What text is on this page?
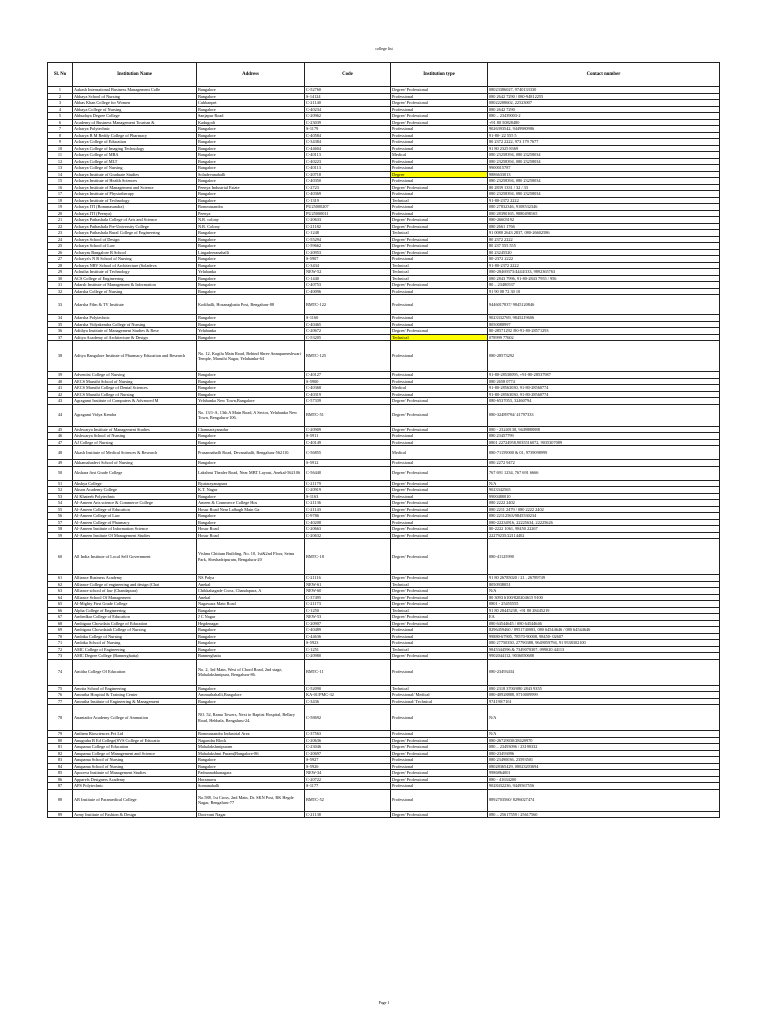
college list
Sl. No	Institution Name	Address	Code	Institution type	Contact number
1	Aakash International Business Management Colle	Bangalore	C-52760	Degree/ Professional	08023386027, 9740133330
2	Abhaya School of Nursing	Bangalore	S-14124	Professional	080 2642 7290 / 080-94812255
3	Abbas Khan College for Women	Cubbanpet	C-21140	Degree/ Professional	08022208602, 22523007
4	Abhaya College of Nursing	Bangalore	C-40234	Professional	080 2642 7290
5	Abhudaya Degree College	Sanjapur Road	C-20962	Degree/ Professional	080 – 23439003-2
6	Academy of Business Management Tourism &	Kadugodi	C-23039	Degree/ Professional	+91 80 50828480
7	Acharya Polytechnic	Bangalore	S-1179	Professional	9026393542, 9449980986
8	Acharya B M Reddy College of Pharmacy	Bangalore	C-40584	Professional	91-80- 22 555 5
9	Acharya College of Education	Bangalore	C-34384	Professional	80 2372 2222, 973 179 7677
10	Acharya College of Imaging Technology	Bangalore	C-44604	Professional	91 80 2325 8369
11	Acharya College of MBA	Bangalore	C-40113	Medical	080 23258394, 080 23258034
12	Acharya College of MLT	Bangalore	C-40223	Professional	080 23258394, 080 23258034
13	Acharya College of Nursing	Bangalore	C-40113	Professional	9900015787
14	Acharya Institute of Graduate Studies	Soladevanahalli	C-20718	Degree	9886633013
15	Acharya Institute of Health Sciences	Bangalore	C-40350	Professional	080 23258394, 080 23258034
16	Acharya Institute of Management and Science	Peenya Industrial Estate	C-2723	Degree/ Professional	80 2839 1331 / 32 / 33
17	Acharya Institute of Physiotherapy	Bangalore	C-40369	Professional	080 23258394, 080 23258034
18	Acharya Institute of Technology	Bangalore	C-1319	Technical	91-80-2372 2222
19	Acharya ITI (Bommasandra)	Bommasandra	PU25000207	Professional	080 27832346, 9108532346
20	Acharya ITI (Peenya)	Peenya	PU25000011	Professional	080 28390165, 9880498165
21	Acharya Pathashala College of Arts and Science	N.R. colony	C-20633	Degree/ Professional	080-26603192
22	Acharya Pathashala Pre-University College	N.R. Colony	C-21182	Degree/ Professional	080 2661 1766
23	Acharya Pathashala Rural College of Engineering	Bangalore	C-1248	Technical	91 0080 2643 2837, 080-26602586
24	Acharya School of Design	Bangalore	C-55294	Degree/ Professional	80 2372 2222
25	Acharya School of Law	Bangalore	C-59662	Degree/ Professional	80 237 555 555
26	Acharyas Bangalore B School	Lingadeeranahalli	C-20953	Degree/ Professional	80 23245520
27	Acharya's N R School of Nursing	Bangalore	S-5907	Professional	80-2372 2222
28	Acharya NRV School of Architecture (Soladeva	Bangalore	C-3434	Technical	91-80-2372 2222
29	Achutha Institute of Technology	Yelahanka	NEW-52	Technical	080-28469373/4444/333, 9892365763
30	ACS College of Engineering	Bangalore	C-1440	Technical	080 2843 7996, 91-80-2843 7955 / 956
31	Adarsh Institute of Management & Information	Bangalore	C-40753	Degree/ Professional	80 – 23480537
32	Adarsha College of Nursing	Bangalore	C-40096	Professional	91 90 08 72 30 10
33	Adarsha Film & TV Institute	Kodihalli, Hosanagbatta Post, Bengaluru-88	BMTC-122	Professional	9446017837/ 9845120846
34	Adarsha Polytechnic	Bangalore	S-1160	Professional	9023332769, 9845219606
35	Adarsha Vidyakendra College of Nursing	Bangalore	C-40465	Professional	8050088997
36	Adithya Institute of Management Studies & Rese	Yelahanka	C-20672	Degree/ Professional	80-28571292 /80-91-80-28571293
37	Aditya Academy of Architecture & Design	Bangalore	C-53205	Technical	078999 77602
38	Aditya Bangalore Institute of Pharmacy Education and Research	No. 12, Kogilu Main Road, Behind Shree Annapurneshwari Temple, Maruthi Nagar, Yelahanka-64	BMTC-125	Professional	080-28573292
39	Adventist College of Nursing	Bangalore	C-40127	Professional	91-80-28530095, +91-80-28537987
40	AECS Maruthi School of Nursing	Bangalore	S-5900	Professional	080 2658 0774
41	AECS Maruthi College of Dental Sciences	Bangalore	C-40368	Medical	91-80-28563030, 91-80-28560774
42	AECS Maruthi College of Nursing	Bangalore	C-40319	Professional	91-80-28563030, 91-80-28560774
43	Agragami Institute of Computers & Advanced M	Yelahanka New Town,Bangalore	C-57339	Degree/ Professional	080-6537053, 32460794
44	Agragami Vidya Kendra	No. 13/1-A, 13th A Main Road, A Sector, Yelahanka New Town, Bengaluru-106.	BMTC-51	Degree/ Professional	080-32489794/ 41797333
45	Aishwarya Institute of Management Studies	Channarayanadur	C-20909	Degree/ Professional	080 - 23240138, 9449888888
46	Aishwarya School of Nursing	Bangalore	S-5911	Professional	080 23457799
47	AJ College of Nursing	Bangalore	C-40149	Professional	0801 22724958,9035516072, 9035307089
48	Akash Institute of Medical Sciences & Research	Prasannahalli Road, Devanahalli, Bengaluru-562110.	C-56855	Medical	080-71159000 & 01, 9739098999
49	Akkamahadevi School of Nursing	Bangalore	S-5912	Professional	080 2272 9472
50	Akshara first Grade College	Lakshmi Thealer Road, Near MBT Layout, Anekal-562106	C-56440	Degree/ Professional	767 691 1234, 767 691 6666
51	Akshya College	Byatarayanapura	C-21179	Degree/ Professional	N/A
52	Akson Academy College	K.T. Nagar	C-20919	Degree/ Professional	9023342565
53	Al Khateeb Polytechnic	Bangalore	S-1163	Professional	9900480010
54	Al-Ameen Arts science & Commerce College	Ameen & Commerce College Hos	C-21136	Degree/ Professional	080 2222 2402
55	Al-Ameen College of Education	Hosur Road Near Lalbagh Main Ga	C-21143	Degree/ Professional	080 2211 2479 / 080 2222 2402
56	Al-Ameen College of Law	Bangalore	C-9786	Degree/ Professional	080 22112563/9845530234
57	Al-Ameen College of Pharmacy	Bangalore	C-40208	Professional	080-22234916, 22225634, 22225626
58	Al-Ameen Institute of Information Science	Hosur Road	C-20663	Degree/ Professional	80-2222 1061, 98450 22267
59	Al-Ameen Institute Of Management Studies	Hosur Road	C-20632	Degree/ Professional	22279235/22114402
60	All India Institute of Local Self Government	Vishnu Chittam Building, No. 10, 1st&2nd Floor, Seinu Park, Sheshadripuram, Bengaluru-20	BMTC-18	Degree/ Professional	080-41125990
61	Alliance Business Academy	NS Palya	C-21116	Degree/ Professional	91 80 26785020 / 21 , 26789749
62	Alliance College of engineering and design (Chai	Anekal	NEW-61	Technical	8050938051
63	Alliance school of law (Chandapura)	Chikkahagade Cross, Chandapura, A	NEW-60	Degree/ Professional	N/A
64	Alliance School Of Management	Anekal	C-37495	Degree/ Professional	80 3093 6100/820204615 9100
65	Al-Mighty First Grade College	Nagawara Main Road	C-21173	Degree/ Professional	0801 - 25455555
66	Alpha College of Engineering	Bangalore	C-1250	Technical	91 80 28445238, +91 80 28445219
67	Ambedkar College of Education	J C Nagar	NEW-53	Degree/ Professional	EA
68	Ambigara Chowdaia College of Education	Hegdenagar	C-20907	Degree/ Professional	080 64544645 / 080 64544646
69	Ambigara Chowdaiah College of Nursing	Bangalore	C-40489	Professional	8296459460 / 8951740083, 080 64544646 / 080 64544646
70	Ambika College of Nursing	Bangalore	C-44636	Professional	99880-67905, 78570-90008, 98450- 02607
71	Ambika School of Nursing	Bangalore	S-5923	Professional	080 27750350, 27790388, 9649059794, 91 9538302100
72	AMC College of Engineering	Bangalore	C-1251	Technical	9845344596 & 7349070307, 099020 44113
73	AMC Degree College (Bannerghatta)	Bannerghatta	C-20980	Degree/ Professional	9902044112, 9036050688
74	Amitha College Of Education	No. 2, 3rd Main, West of Chord Road, 2nd stage, Mahalakshmipura, Bengaluru-86.	BMTC-11	Professional	080-23493434
75	Amrita School of Engineering	Bangalore	C-52090	Technical	080 2318 3700/080 2843 9355
76	Amrutha Hospital & Training Center	Ammuthahalli,Bangalore	KA-01/PMC-32	Professional/ Medical	080-40928888, 8710009999
77	Amrutha Institute of Engineering & Management	Bangalore	C-3436	Professional/ Technical	974190/7161
78	Anantador Academy College of Ammution	NO. 52, Rama Towers, Next to Baptist Hospital, Bellary Road, Hebbala, Bengaluru-24.	C-58692	Professional	N/A
79	Anthem Biosciences Pvt Ltd	Bommasandra Industrial Area	C-37563	Professional	N/A
80	Anugraha B Ed College(SVS College of Educatio	Nagondra Block	C-20636	Degree/ Professional	080-26729030/28420970
81	Anupama College of Education	Mahalakshmipuram	C-23046	Degree/ Professional	080 – 23493096 / 23190332
82	Anupama College of Management and Science	Mahalakshmi Puram(Bangalore-86	C-20697	Degree/ Professional	080-23493096
83	Anupama School of Nursing	Bangalore	S-5927	Professional	080 23490036, 23593501
84	Anupama School of Nursing	Bangalore	S-5926	Professional	08028365429, 08023203694
85	Apoorva Institute of Management Studies	Padmanabhanagara	NEW-34	Degree/ Professional	9986864001
86	Apparels Designers Academy	Horamavu	C-20722	Degree/ Professional	080 - 41634200
87	APS Polytechnic	Somanahalli	S-1177	Professional	9028432236, 9449567556
88	AR Institute of Paramedical College	No.588, 1st Cross, 2nd Main, Dr. SKN Post, RK Hegde Nagar, Bengaluru-77	BMTC-52	Professional	8892703560/ 8296027474
89	Army Institute of Fashion & Design	Doorvani Nagar	C-21138	Degree/ Professional	080 – 25617559 / 25617560
Page 1
